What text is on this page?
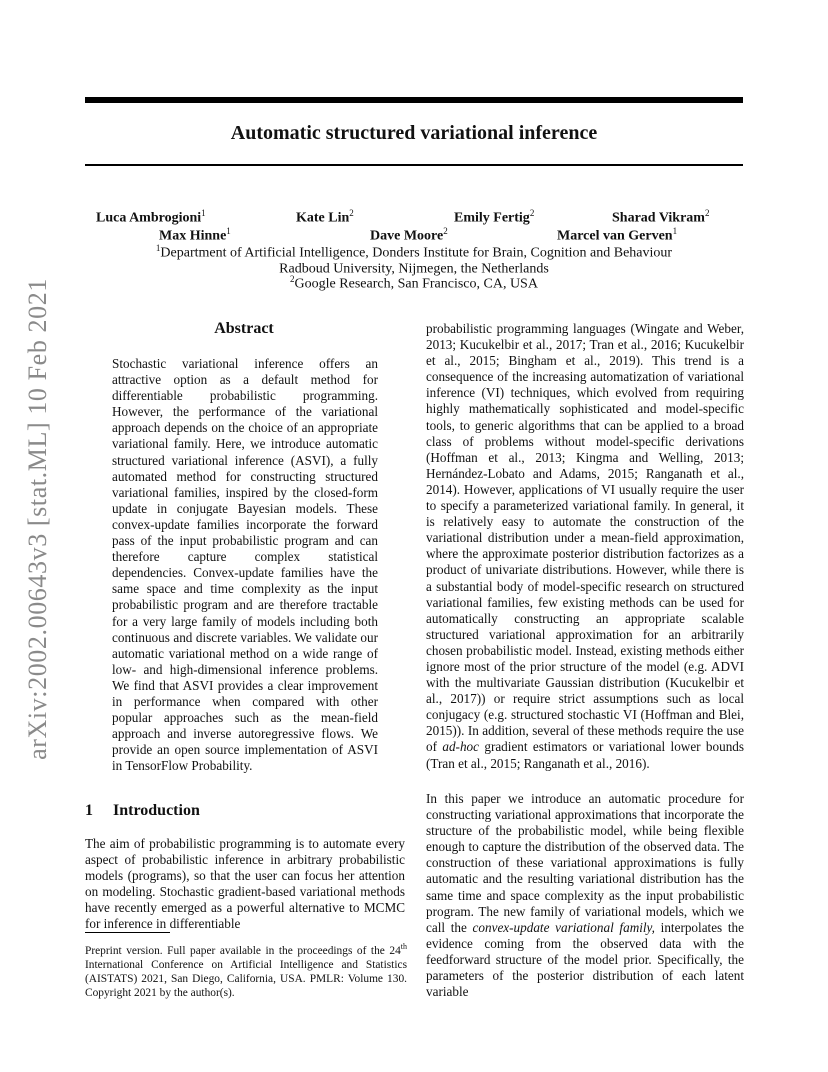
Automatic structured variational inference
arXiv:2002.00643v3 [stat.ML] 10 Feb 2021
Luca Ambrogioni$^1$	Kate Lin$^2$	Emily Fertig$^2$	Sharad Vikram$^2$
Max Hinne$^1$	Dave Moore$^2$	Marcel van Gerven$^1$
$^1$Department of Artificial Intelligence, Donders Institute for Brain, Cognition and Behaviour
Radboud University, Nijmegen, the Netherlands
$^2$Google Research, San Francisco, CA, USA
Abstract

Stochastic variational inference offers an attractive option as a default method for differentiable probabilistic programming. However, the performance of the variational approach depends on the choice of an appropriate variational family. Here, we introduce automatic structured variational inference (ASVI), a fully automated method for constructing structured variational families, inspired by the closed-form update in conjugate Bayesian models. These convex-update families incorporate the forward pass of the input probabilistic program and can therefore capture complex statistical dependencies. Convex-update families have the same space and time complexity as the input probabilistic program and are therefore tractable for a very large family of models including both continuous and discrete variables. We validate our automatic variational method on a wide range of low- and high-dimensional inference problems. We find that ASVI provides a clear improvement in performance when compared with other popular approaches such as the mean-field approach and inverse autoregressive flows. We provide an open source implementation of ASVI in TensorFlow Probability.

1 Introduction

The aim of probabilistic programming is to automate every aspect of probabilistic inference in arbitrary probabilistic models (programs), so that the user can focus her attention on modeling. Stochastic gradient-based variational methods have recently emerged as a powerful alternative to MCMC for inference in differentiable

Preprint version. Full paper available in the proceedings of the 24th International Conference on Artificial Intelligence and Statistics (AISTATS) 2021, San Diego, California, USA. PMLR: Volume 130. Copyright 2021 by the author(s).

probabilistic programming languages (Wingate and Weber, 2013; Kucukelbir et al., 2017; Tran et al., 2016; Kucukelbir et al., 2015; Bingham et al., 2019). This trend is a consequence of the increasing automatization of variational inference (VI) techniques, which evolved from requiring highly mathematically sophisticated and model-specific tools, to generic algorithms that can be applied to a broad class of problems without model-specific derivations (Hoffman et al., 2013; Kingma and Welling, 2013; Hernández-Lobato and Adams, 2015; Ranganath et al., 2014). However, applications of VI usually require the user to specify a parameterized variational family. In general, it is relatively easy to automate the construction of the variational distribution under a mean-field approximation, where the approximate posterior distribution factorizes as a product of univariate distributions. However, while there is a substantial body of model-specific research on structured variational families, few existing methods can be used for automatically constructing an appropriate scalable structured variational approximation for an arbitrarily chosen probabilistic model. Instead, existing methods either ignore most of the prior structure of the model (e.g. ADVI with the multivariate Gaussian distribution (Kucukelbir et al., 2017)) or require strict assumptions such as local conjugacy (e.g. structured stochastic VI (Hoffman and Blei, 2015)). In addition, several of these methods require the use of ad-hoc gradient estimators or variational lower bounds (Tran et al., 2015; Ranganath et al., 2016).

In this paper we introduce an automatic procedure for constructing variational approximations that incorporate the structure of the probabilistic model, while being flexible enough to capture the distribution of the observed data. The construction of these variational approximations is fully automatic and the resulting variational distribution has the same time and space complexity as the input probabilistic program. The new family of variational models, which we call the convex-update variational family, interpolates the evidence coming from the observed data with the feedforward structure of the model prior. Specifically, the parameters of the posterior distribution of each latent variable
